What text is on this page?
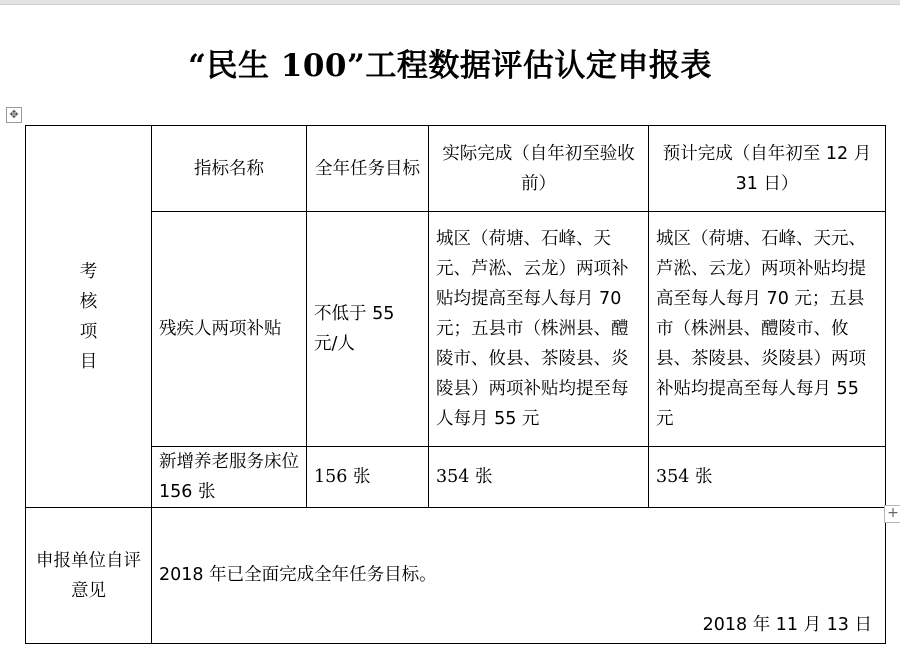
“民生 100”工程数据评估认定申报表
✥
考核项目	指标名称	全年任务目标	实际完成（自年初至验收前）	预计完成（自年初至 12 月 31 日）
	残疾人两项补贴	不低于 55 元/人	城区（荷塘、石峰、天元、芦淞、云龙）两项补贴均提高至每人每月 70 元；五县市（株洲县、醴陵市、攸县、茶陵县、炎陵县）两项补贴均提至每人每月 55 元	城区（荷塘、石峰、天元、芦淞、云龙）两项补贴均提高至每人每月 70 元；五县市（株洲县、醴陵市、攸县、茶陵县、炎陵县）两项补贴均提高至每人每月 55 元
	新增养老服务床位 156 张	156 张	354 张	354 张
申报单位自评意见	2018 年已全面完成全年任务目标。
2018 年 11 月 13 日			
+
